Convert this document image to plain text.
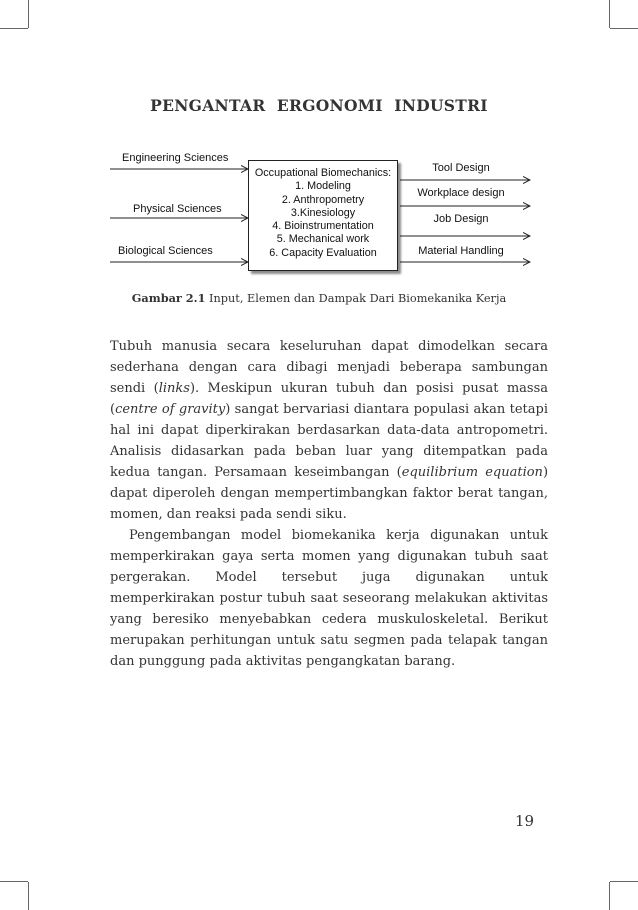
PENGANTAR  ERGONOMI  INDUSTRI
Engineering Sciences
Physical Sciences
Biological Sciences
Occupational Biomechanics:
1. Modeling
2. Anthropometry
3.Kinesiology
4. Bioinstrumentation
5. Mechanical work
6. Capacity Evaluation
Tool Design
Workplace design
Job Design
Material Handling
Gambar 2.1 Input, Elemen dan Dampak Dari Biomekanika Kerja

Tubuh manusia secara keseluruhan dapat dimodelkan secara sederhana dengan cara dibagi menjadi beberapa sambungan sendi (links). Meskipun ukuran tubuh dan posisi pusat massa (centre of gravity) sangat bervariasi diantara populasi akan tetapi hal ini dapat diperkirakan berdasarkan data-data antropometri. Analisis didasarkan pada beban luar yang ditempatkan pada kedua tangan. Persamaan keseimbangan (equilibrium equation) dapat diperoleh dengan mempertimbangkan faktor berat tangan, momen, dan reaksi pada sendi siku.

Pengembangan model biomekanika kerja digunakan untuk memperkirakan gaya serta momen yang digunakan tubuh saat pergerakan. Model tersebut juga digunakan untuk memperkirakan postur tubuh saat seseorang melakukan aktivitas yang beresiko menyebabkan cedera muskuloskeletal. Berikut merupakan perhitungan untuk satu segmen pada telapak tangan dan punggung pada aktivitas pengangkatan barang.

19
